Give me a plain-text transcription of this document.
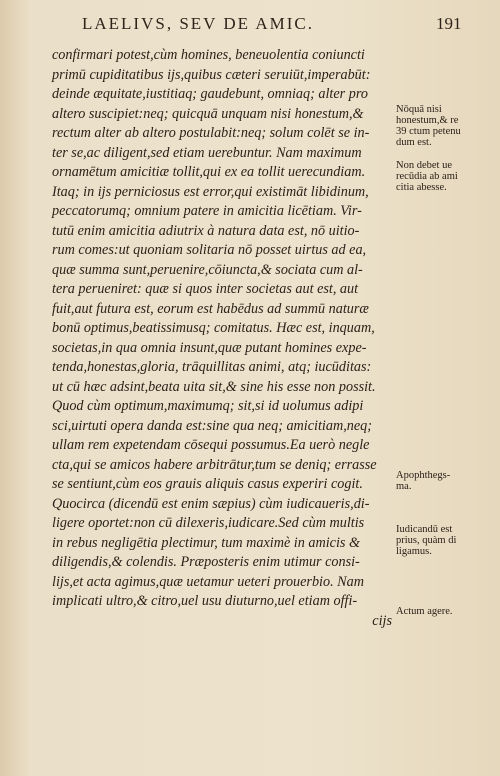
LAELIVS, SEV DE AMIC.	191
confirmari potest,cùm homines, beneuolentia coniuncti
primū cupiditatibus ijs,quibus cæteri seruiūt,imperabūt:
deinde æquitate,iustitiaq; gaudebunt, omniaq; alter pro
altero suscipiet:neq; quicquā unquam nisi honestum,&
rectum alter ab altero postulabit:neq; solum colēt se in-
ter se,ac diligent,sed etiam uerebuntur. Nam maximum
ornamētum amicitiæ tollit,qui ex ea tollit uerecundiam.
Itaq; in ijs perniciosus est error,qui existimāt libidinum,
peccatorumq; omnium patere in amicitia licētiam. Vir-
tutū enim amicitia adiutrix à natura data est, nō uitio-
rum comes:ut quoniam solitaria nō posset uirtus ad ea,
quæ summa sunt,peruenire,cōiuncta,& sociata cum al-
tera perueniret: quæ si quos inter societas aut est, aut
fuit,aut futura est, eorum est habēdus ad summū naturæ
bonū optimus,beatissimusq; comitatus. Hæc est, inquam,
societas,in qua omnia insunt,quæ putant homines expe-
tenda,honestas,gloria, trāquillitas animi, atq; iucūditas:
ut cū hæc adsint,beata uita sit,& sine his esse non possit.
Quod cùm optimum,maximumq; sit,si id uolumus adipi
sci,uirtuti opera danda est:sine qua neq; amicitiam,neq;
ullam rem expetendam cōsequi possumus.Ea uerò negle
cta,qui se amicos habere arbitrātur,tum se deniq; errasse
se sentiunt,cùm eos grauis aliquis casus experiri cogit.
Quocirca (dicendū est enim sæpius) cùm iudicaueris,di-
ligere oportet:non cū dilexeris,iudicare.Sed cùm multis
in rebus negligētia plectimur, tum maximè in amicis &
diligendis,& colendis. Præposteris enim utimur consi-
lijs,et acta agimus,quæ uetamur ueteri prouerbio. Nam
implicati ultro,& citro,uel usu diuturno,uel etiam offi-
cijs
Nōquā nisi
honestum,& re
39 ctum petenu
dum est.
Non debet ue
recūdia ab ami
citia abesse.
Apophthegs-
ma.
Iudicandū est
prius, quàm di
ligamus.
Actum agere.
